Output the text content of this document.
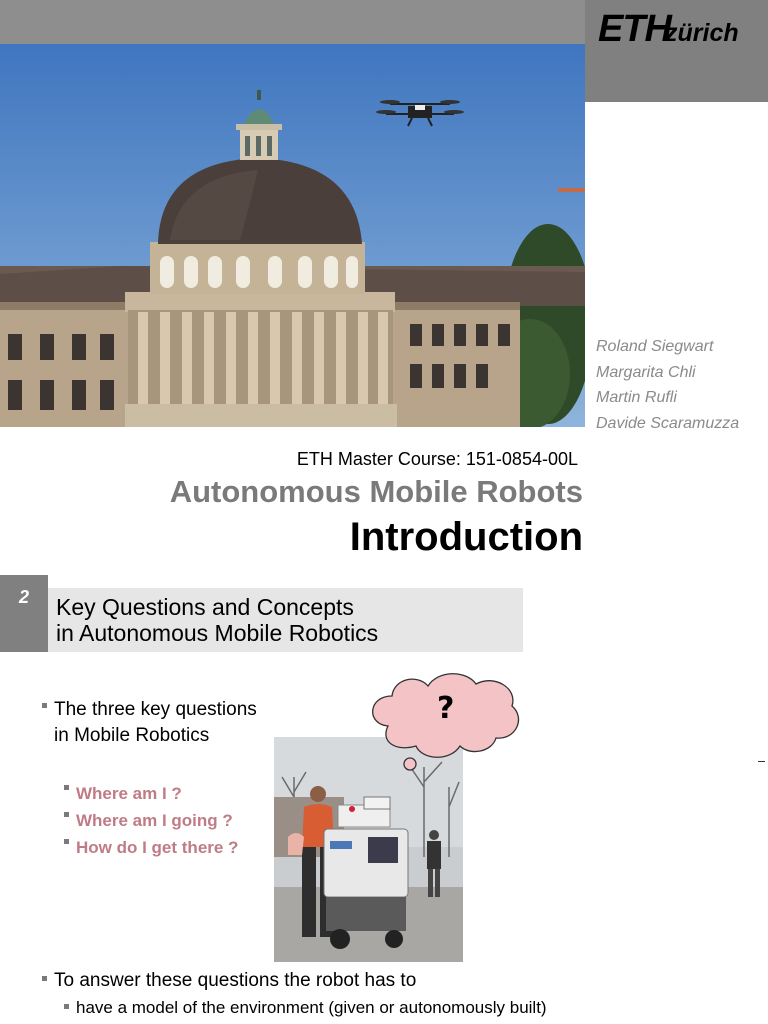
ETHzürich
Roland Siegwart
Margarita Chli
Martin Rufli
Davide Scaramuzza
ETH Master Course: 151-0854-00L
Autonomous Mobile Robots
Introduction
2	Key Questions and Concepts
in Autonomous Mobile Robotics
The three key questions
in Mobile Robotics
Where am I ?
Where am I going ?
How do I get there ?
?
To answer these questions the robot has to
have a model of the environment (given or autonomously built)
